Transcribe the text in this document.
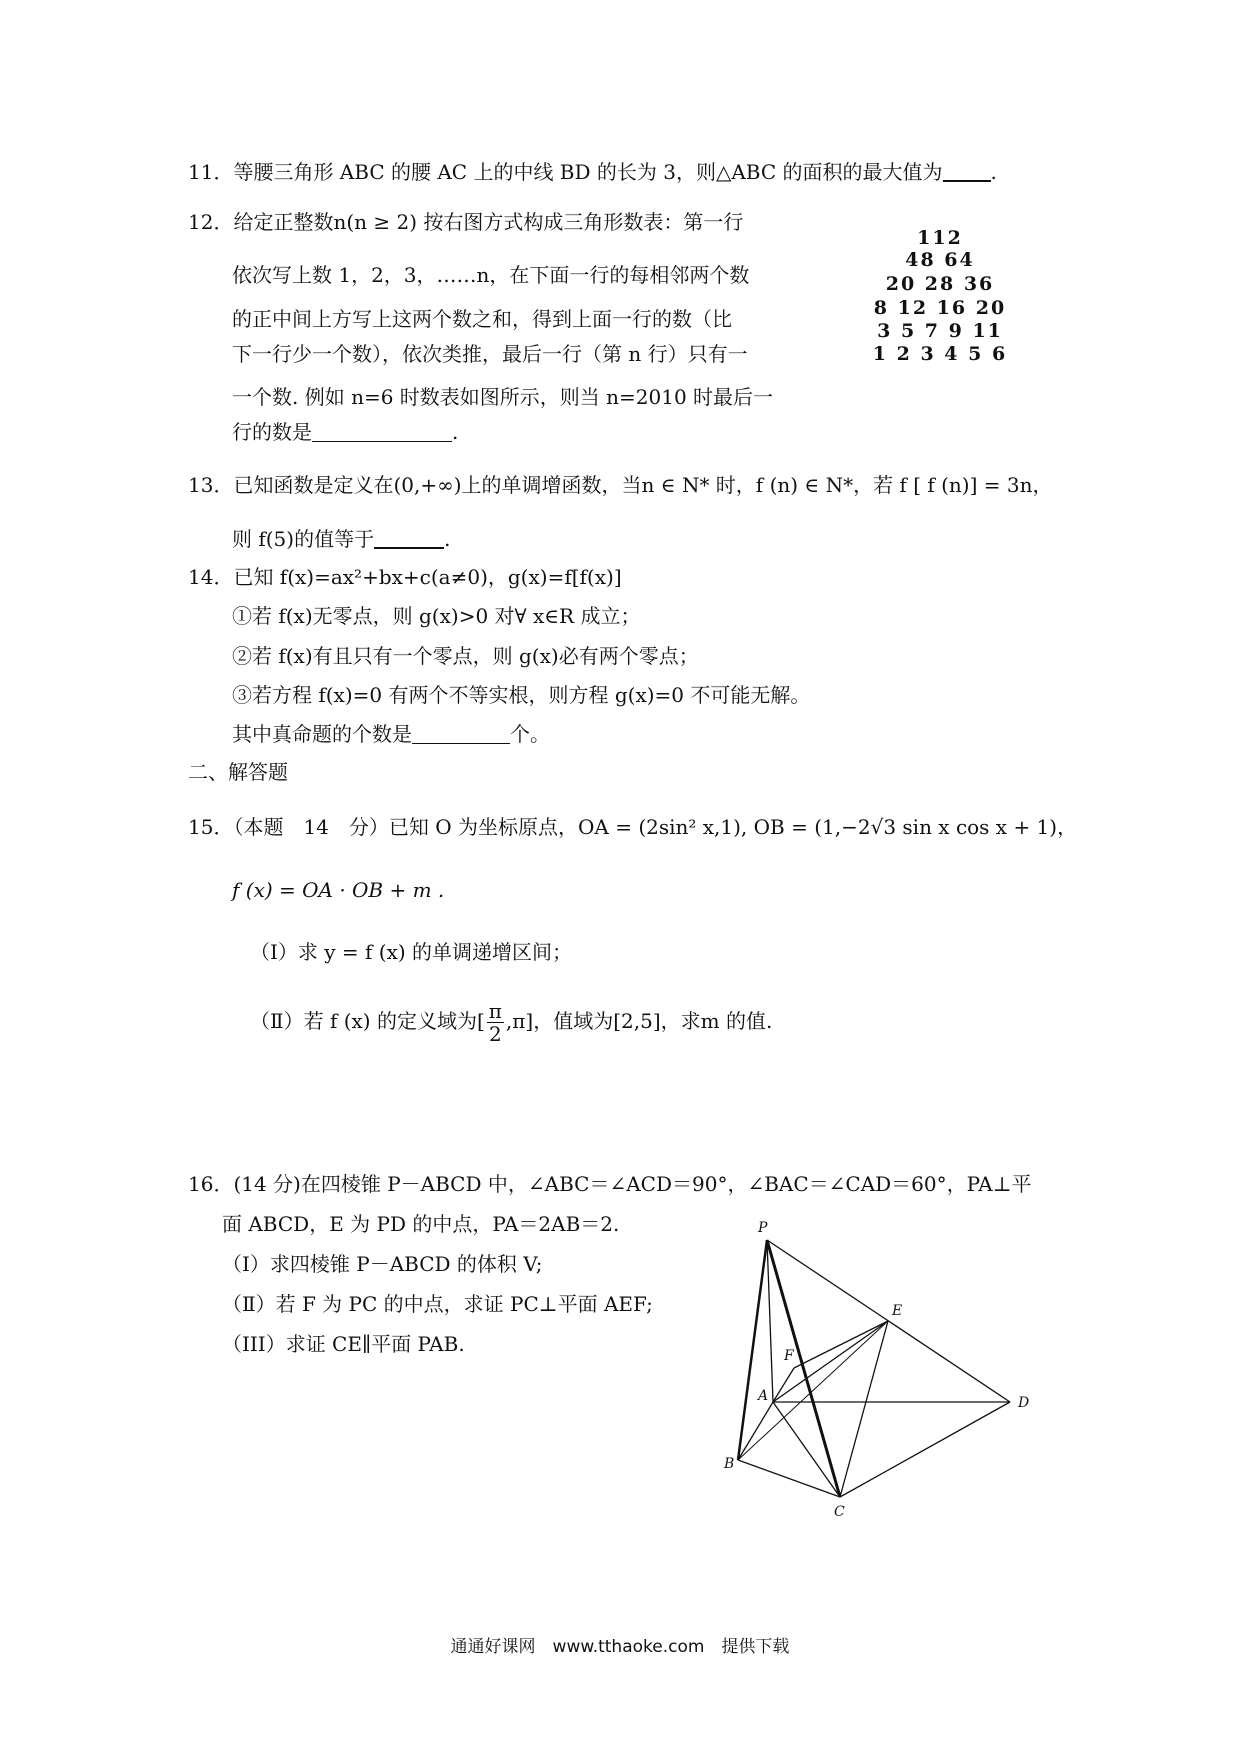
11．等腰三角形 ABC 的腰 AC 上的中线 BD 的长为 3，则△ABC 的面积的最大值为 .
12．给定正整数n(n ≥ 2) 按右图方式构成三角形数表：第一行
依次写上数 1，2，3，……n，在下面一行的每相邻两个数
的正中间上方写上这两个数之和，得到上面一行的数（比
下一行少一个数），依次类推，最后一行（第 n 行）只有一
一个数. 例如 n=6 时数表如图所示，则当 n=2010 时最后一
行的数是	.
112
48 64
20 28 36
8 12 16 20
3 5 7 9 11
1 2 3 4 5 6
13．已知函数是定义在(0,+∞)上的单调增函数，当n ∈ N* 时，f (n) ∈ N*，若 f [ f (n)] = 3n，
则 f(5)的值等于	.
14．已知 f(x)=ax²+bx+c(a≠0)，g(x)=f[f(x)]
①若 f(x)无零点，则 g(x)>0 对∀ x∈R 成立；
②若 f(x)有且只有一个零点，则 g(x)必有两个零点；
③若方程 f(x)=0 有两个不等实根，则方程 g(x)=0 不可能无解。
其中真命题的个数是	个。
二、解答题
15．（本题　14　分）已知 O 为坐标原点，OA = (2sin² x,1), OB = (1,−2√3 sin x cos x + 1)，
f (x) = OA · OB + m .
（Ⅰ）求 y = f (x) 的单调递增区间；
（Ⅱ）若 f (x) 的定义域为[ $\frac{\pi}{2} ,\pi$]，值域为[2,5]，求m 的值.
16．(14 分)在四棱锥 P－ABCD 中，∠ABC＝∠ACD＝90°，∠BAC＝∠CAD＝60°，PA⊥平
面 ABCD，E 为 PD 的中点，PA＝2AB＝2.
（Ⅰ）求四棱锥 P－ABCD 的体积 V;
（Ⅱ）若 F 为 PC 的中点，求证 PC⊥平面 AEF;
（III）求证 CE∥平面 PAB.
P
E
F
A	D
B
C
通通好课网　www.tthaoke.com　提供下载
